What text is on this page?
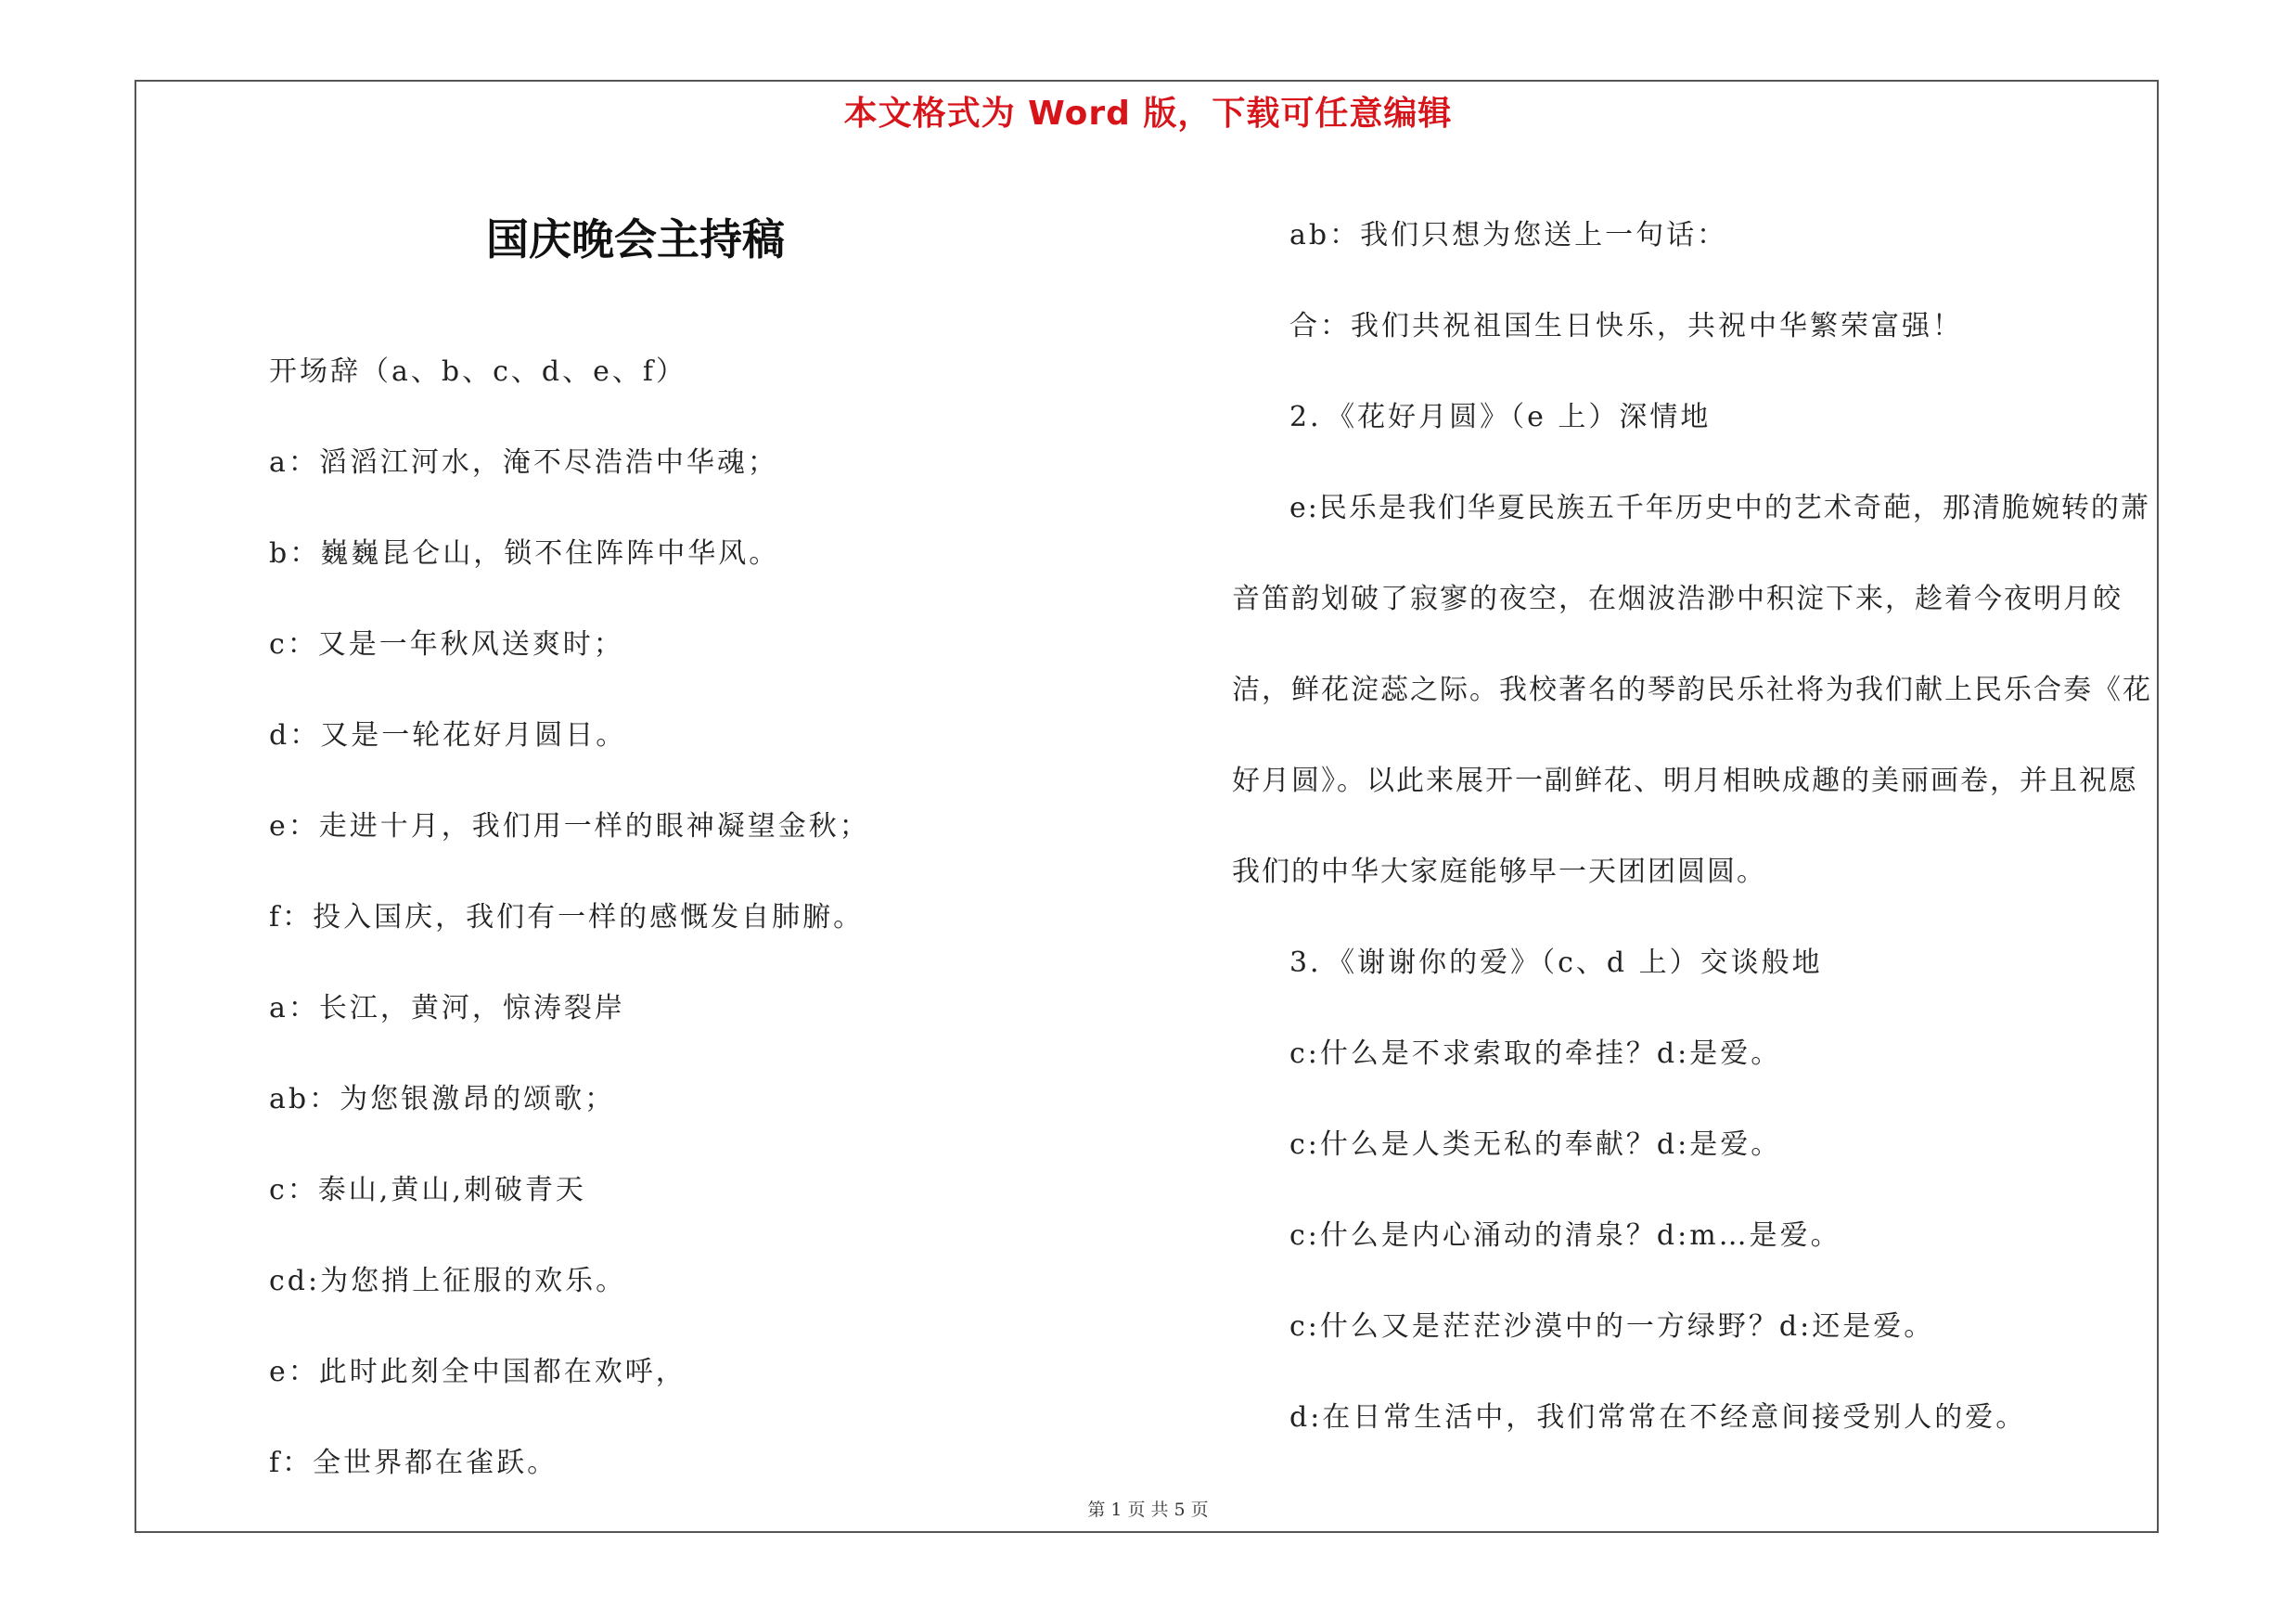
本文格式为 Word 版，下载可任意编辑
国庆晚会主持稿
开场辞（a、b、c、d、e、f）
a：滔滔江河水，淹不尽浩浩中华魂；
b：巍巍昆仑山，锁不住阵阵中华风。
c：又是一年秋风送爽时；
d：又是一轮花好月圆日。
e：走进十月，我们用一样的眼神凝望金秋；
f：投入国庆，我们有一样的感慨发自肺腑。
a：长江，黄河，惊涛裂岸
ab：为您银激昂的颂歌；
c：泰山,黄山,刺破青天
cd:为您捎上征服的欢乐。
e：此时此刻全中国都在欢呼，
f：全世界都在雀跃。
ab：我们只想为您送上一句话：
合：我们共祝祖国生日快乐，共祝中华繁荣富强！
2．《花好月圆》（e 上）深情地
e:民乐是我们华夏民族五千年历史中的艺术奇葩，那清脆婉转的萧音笛韵划破了寂寥的夜空，在烟波浩渺中积淀下来，趁着今夜明月皎洁，鲜花淀蕊之际。我校著名的琴韵民乐社将为我们献上民乐合奏《花好月圆》。以此来展开一副鲜花、明月相映成趣的美丽画卷，并且祝愿我们的中华大家庭能够早一天团团圆圆。
3．《谢谢你的爱》（c、d 上）交谈般地
c:什么是不求索取的牵挂？d:是爱。
c:什么是人类无私的奉献？d:是爱。
c:什么是内心涌动的清泉？d:m…是爱。
c:什么又是茫茫沙漠中的一方绿野？d:还是爱。
d:在日常生活中，我们常常在不经意间接受别人的爱。
第 1 页 共 5 页
